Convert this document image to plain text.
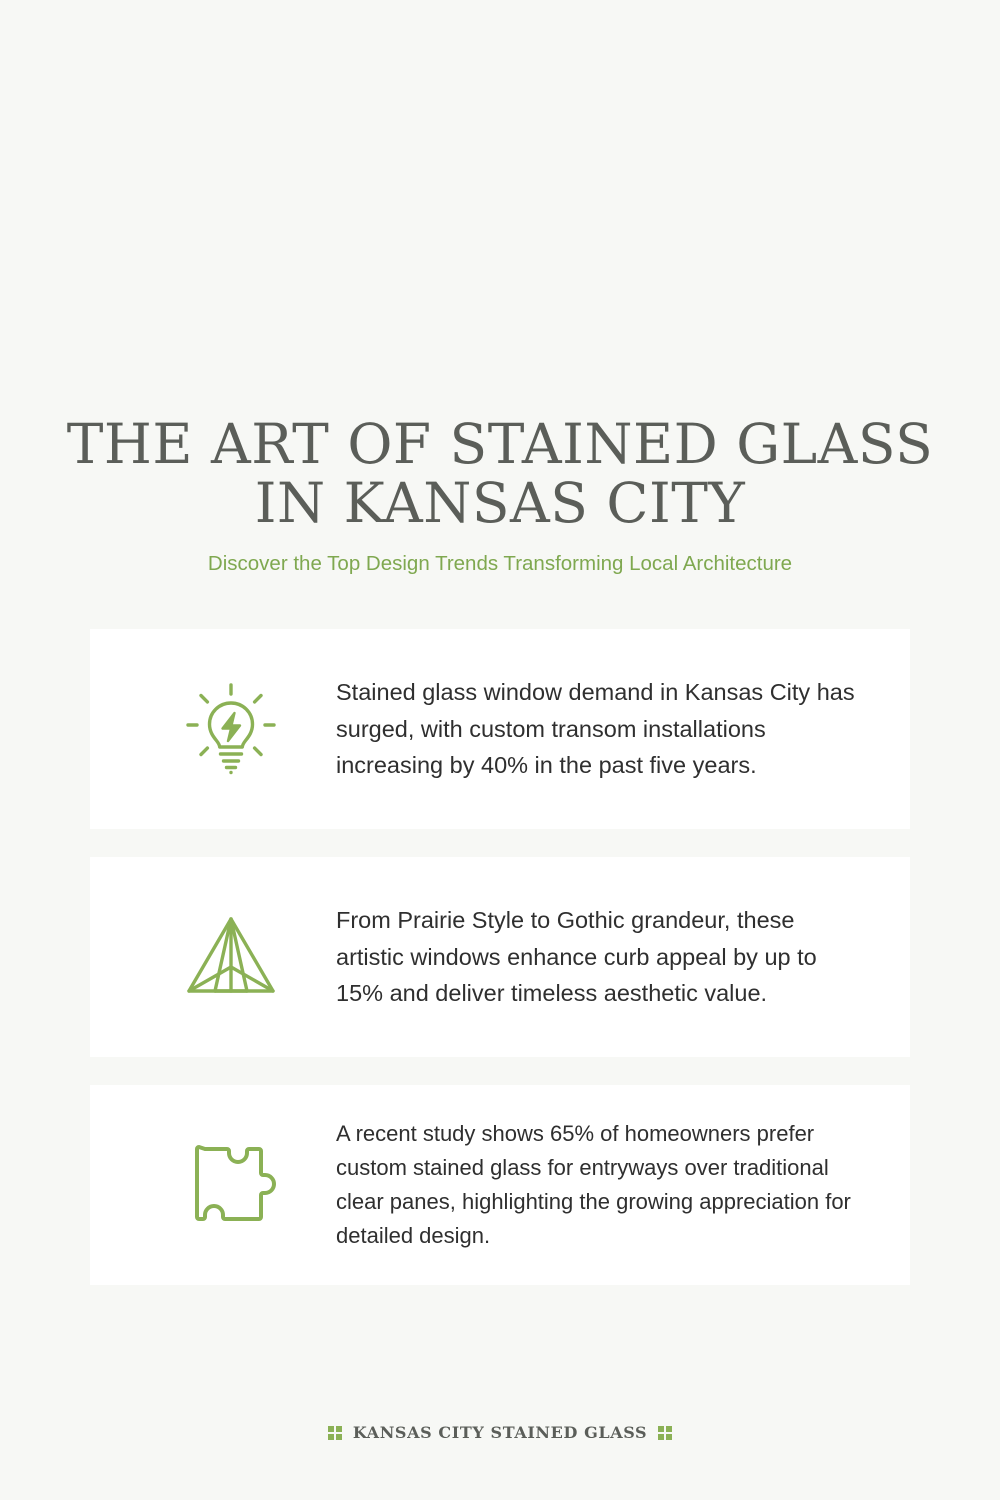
THE ART OF STAINED GLASS IN KANSAS CITY

Discover the Top Design Trends Transforming Local Architecture

Stained glass window demand in Kansas City has surged, with custom transom installations increasing by 40% in the past five years.
From Prairie Style to Gothic grandeur, these artistic windows enhance curb appeal by up to 15% and deliver timeless aesthetic value.
A recent study shows 65% of homeowners prefer custom stained glass for entryways over traditional clear panes, highlighting the growing appreciation for detailed design.
KANSAS CITY STAINED GLASS
